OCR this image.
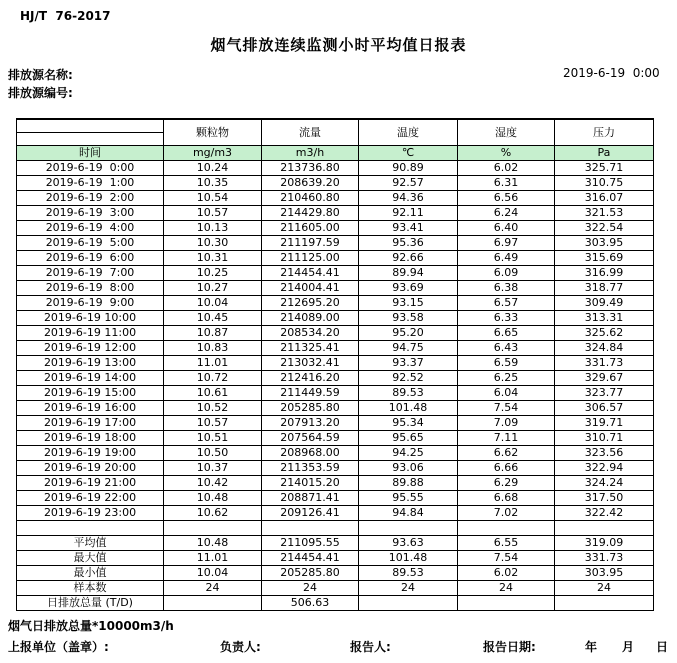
HJ/T  76-2017
烟气排放连续监测小时平均值日报表
排放源名称:	2019-6-19  0:00
排放源编号:
	颗粒物	流量	温度	湿度	压力

时间	mg/m3	m3/h	℃	%	Pa
2019-6-19  0:00	10.24	213736.80	90.89	6.02	325.71
2019-6-19  1:00	10.35	208639.20	92.57	6.31	310.75
2019-6-19  2:00	10.54	210460.80	94.36	6.56	316.07
2019-6-19  3:00	10.57	214429.80	92.11	6.24	321.53
2019-6-19  4:00	10.13	211605.00	93.41	6.40	322.54
2019-6-19  5:00	10.30	211197.59	95.36	6.97	303.95
2019-6-19  6:00	10.31	211125.00	92.66	6.49	315.69
2019-6-19  7:00	10.25	214454.41	89.94	6.09	316.99
2019-6-19  8:00	10.27	214004.41	93.69	6.38	318.77
2019-6-19  9:00	10.04	212695.20	93.15	6.57	309.49
2019-6-19 10:00	10.45	214089.00	93.58	6.33	313.31
2019-6-19 11:00	10.87	208534.20	95.20	6.65	325.62
2019-6-19 12:00	10.83	211325.41	94.75	6.43	324.84
2019-6-19 13:00	11.01	213032.41	93.37	6.59	331.73
2019-6-19 14:00	10.72	212416.20	92.52	6.25	329.67
2019-6-19 15:00	10.61	211449.59	89.53	6.04	323.77
2019-6-19 16:00	10.52	205285.80	101.48	7.54	306.57
2019-6-19 17:00	10.57	207913.20	95.34	7.09	319.71
2019-6-19 18:00	10.51	207564.59	95.65	7.11	310.71
2019-6-19 19:00	10.50	208968.00	94.25	6.62	323.56
2019-6-19 20:00	10.37	211353.59	93.06	6.66	322.94
2019-6-19 21:00	10.42	214015.20	89.88	6.29	324.24
2019-6-19 22:00	10.48	208871.41	95.55	6.68	317.50
2019-6-19 23:00	10.62	209126.41	94.84	7.02	322.42

平均值	10.48	211095.55	93.63	6.55	319.09
最大值	11.01	214454.41	101.48	7.54	331.73
最小值	10.04	205285.80	89.53	6.02	303.95
样本数	24	24	24	24	24
日排放总量 (T/D)		506.63			
烟气日排放总量*10000m3/h
上报单位（盖章）:	负责人:	报告人:	报告日期:	年 月 日
